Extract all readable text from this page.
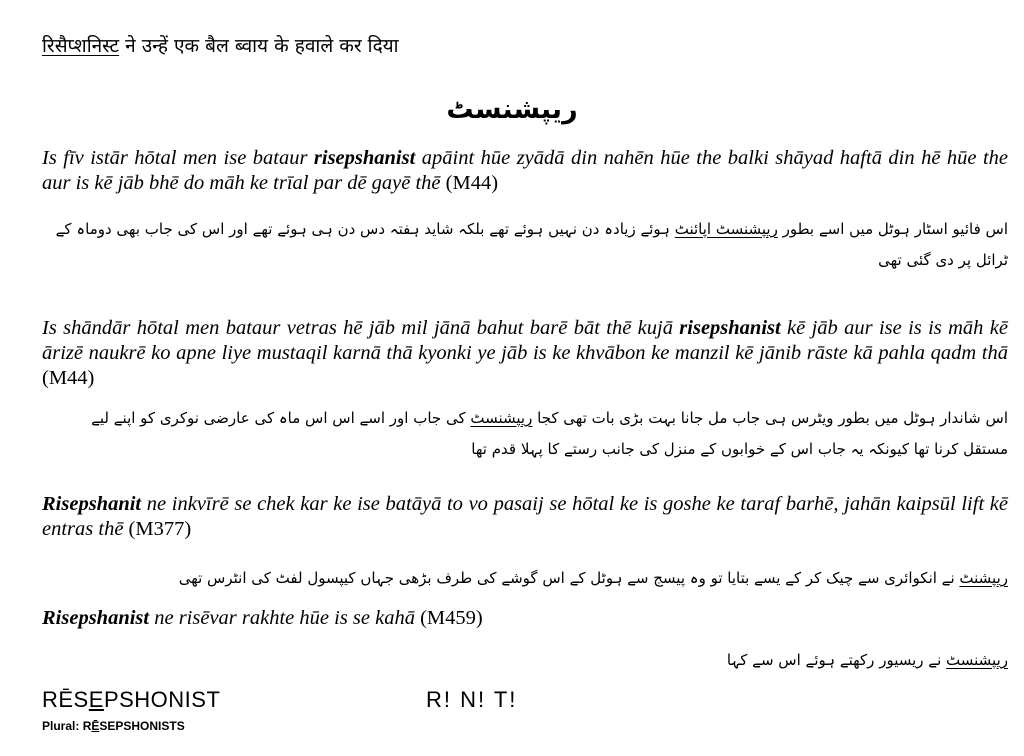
रिसैप्शनिस्ट ने उन्हें एक बैल ब्वाय के हवाले कर दिया
ریپشنسٹ
Is fīv istār hōtal men ise bataur risepshanist apāint hūe zyādā din nahēn hūe the balki shāyad haftā din hē hūe the aur is kē jāb bhē do māh ke trīal par dē gayē thē (M44)
اس فائیو اسٹار ہوٹل میں اسے بطور ریپشنسٹ اپائنٹ ہوئے زیادہ دن نہیں ہوئے تھے بلکہ شاید ہفتہ دس دن ہی ہوئے تھے اور اس کی جاب بھی دوماہ کے ٹرائل پر دی گئی تھی
Is shāndār hōtal men bataur vetras hē jāb mil jānā bahut barē bāt thē kujā risepshanist kē jāb aur ise is is māh kē ārizē naukrē ko apne liye mustaqil karnā thā kyonki ye jāb is ke khvābon ke manzil kē jānib rāste kā pahla qadm thā (M44)
اس شاندار ہوٹل میں بطور ویٹرس ہی جاب مل جانا بہت بڑی بات تھی کجا ریپشنسٹ کی جاب اور اسے اس اس ماہ کی عارضی نوکری کو اپنے لیے مستقل کرنا تھا کیونکہ یہ جاب اس کے خوابوں کے منزل کی جانب رستے کا پہلا قدم تھا
Risepshanit ne inkvīrē se chek kar ke ise batāyā to vo pasaij se hōtal ke is goshe ke taraf barhē, jahān kaipsūl lift kē entras thē (M377)
ریپشنٹ نے انکوائری سے چیک کر کے یسے بتایا تو وہ پیسج سے ہوٹل کے اس گوشے کی طرف بڑھی جہاں کیپسول لفٹ کی انٹرس تھی
Risepshanist ne risēvar rakhte hūe is se kahā (M459)
ریپشنسٹ نے ریسیور رکھتے ہوئے اس سے کہا
RĒSEPSHONIST
Plural: RĒSEPSHONISTS
R! N! T!
